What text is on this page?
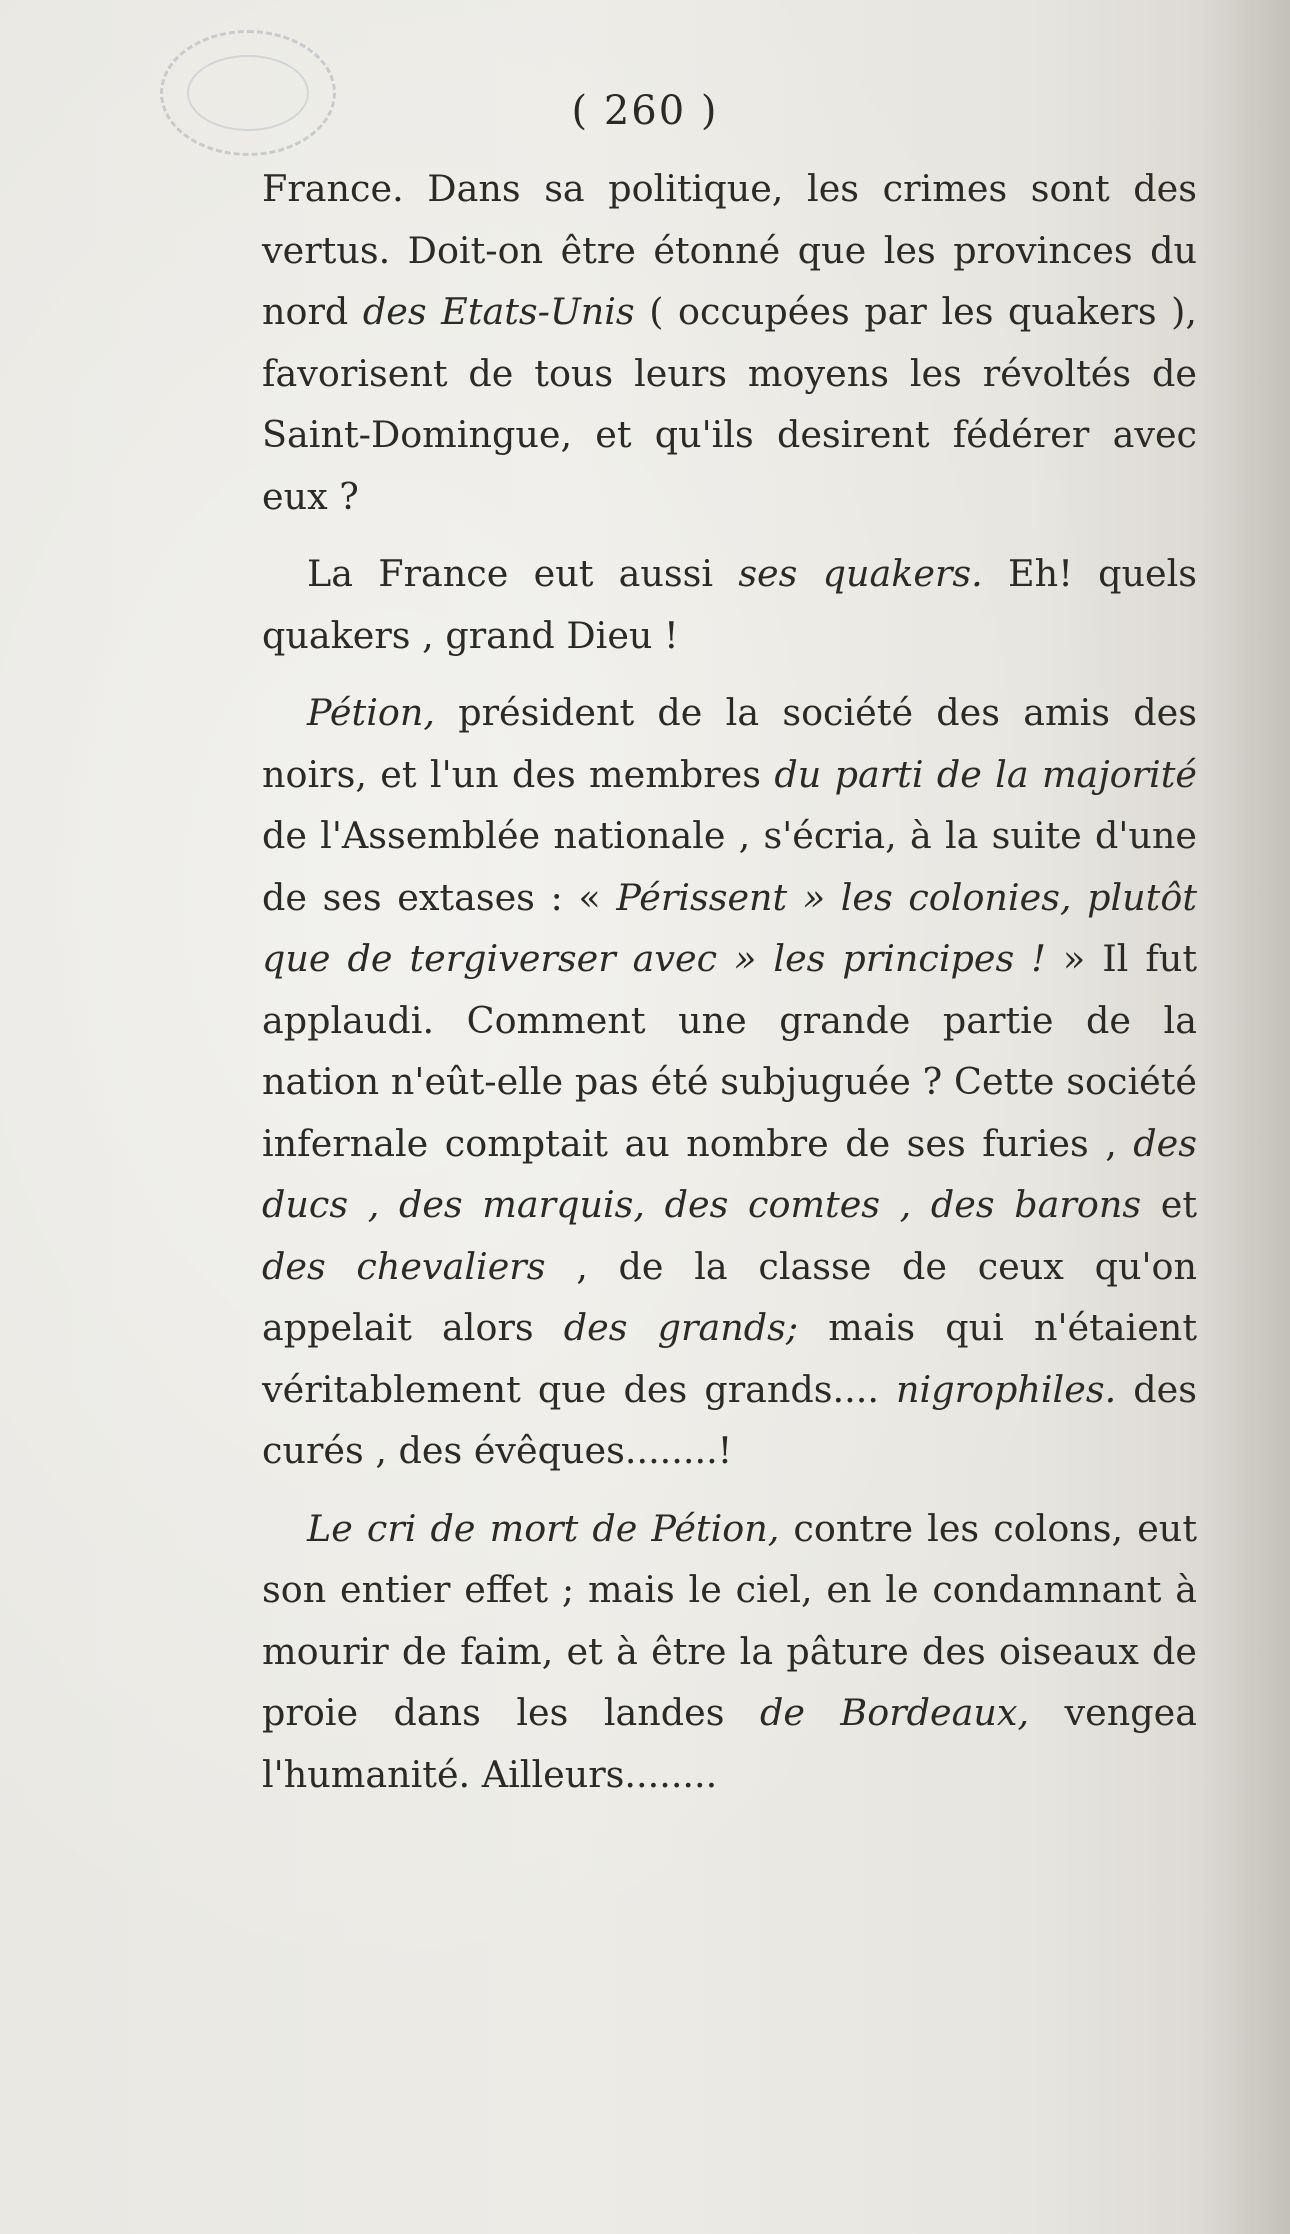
( 260 )

France. Dans sa politique, les crimes sont des vertus. Doit-on être étonné que les provinces du nord des Etats-Unis ( occupées par les quakers ), favorisent de tous leurs moyens les révoltés de Saint-Domingue, et qu'ils desirent fédérer avec eux ?

La France eut aussi ses quakers. Eh! quels quakers , grand Dieu !

Pétion, président de la société des amis des noirs, et l'un des membres du parti de la majorité de l'Assemblée nationale , s'écria, à la suite d'une de ses extases : « Périssent » les colonies, plutôt que de tergiverser avec » les principes ! » Il fut applaudi. Comment une grande partie de la nation n'eût-elle pas été subjuguée ? Cette société infernale comptait au nombre de ses furies , des ducs , des marquis, des comtes , des barons et des chevaliers , de la classe de ceux qu'on appelait alors des grands; mais qui n'étaient véritablement que des grands.... nigrophiles. des curés , des évêques........!

Le cri de mort de Pétion, contre les colons, eut son entier effet ; mais le ciel, en le condamnant à mourir de faim, et à être la pâture des oiseaux de proie dans les landes de Bordeaux, vengea l'humanité. Ailleurs........
